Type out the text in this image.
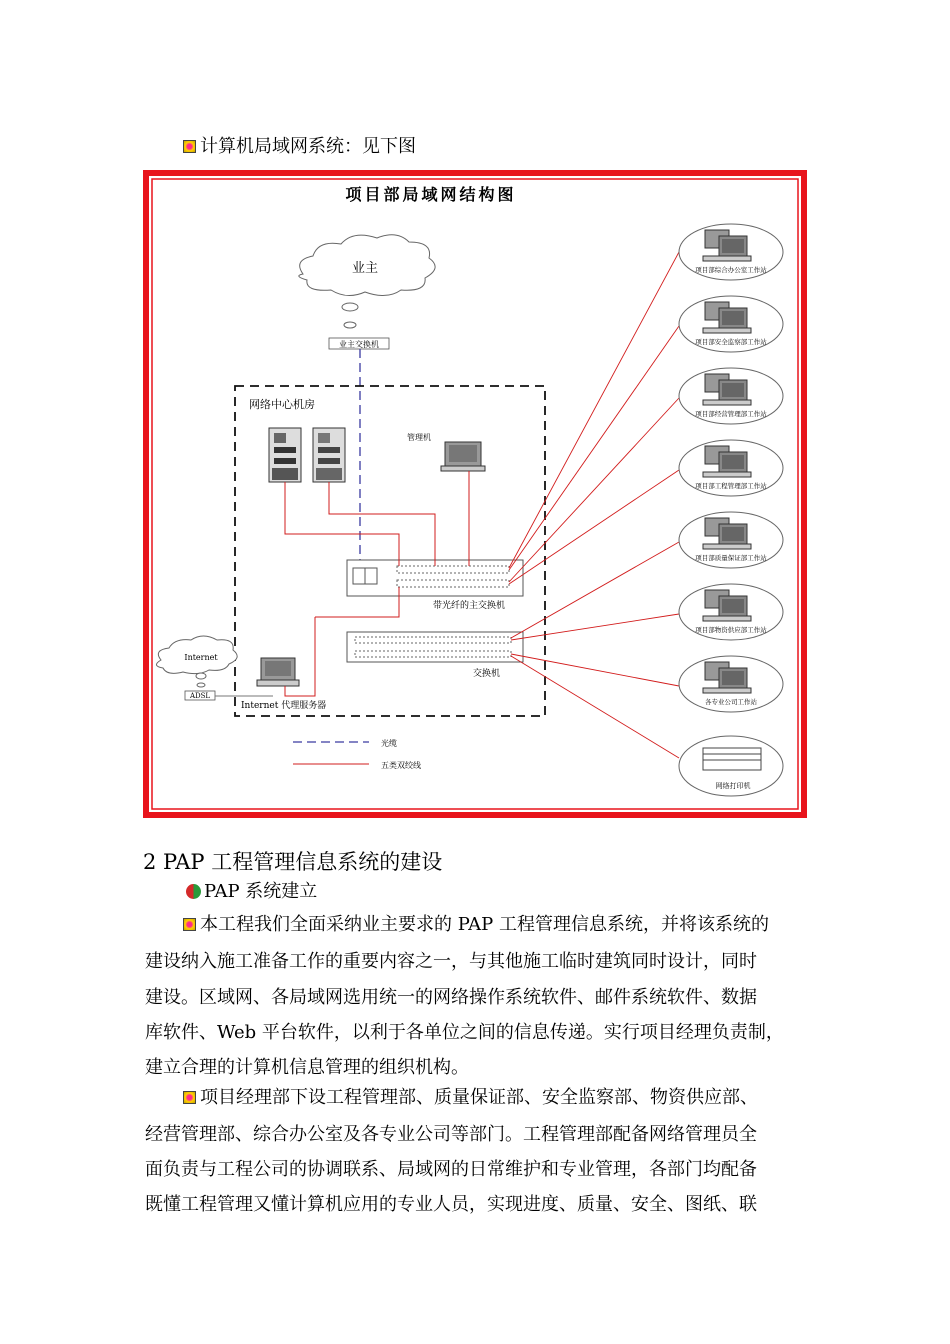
计算机局域网系统：见下图
项目部局域网结构图
业主
业主交换机
网络中心机房
管理机
带光纤的主交换机
交换机
Internet
ADSL
Internet 代理服务器
项目部综合办公室工作站
项目部安全监察部工作站
项目部经营管理部工作站
项目部工程管理部工作站
项目部质量保证部工作站
项目部物资供应部工作站
各专业公司工作站
网络打印机
光缆
五类双绞线
2 PAP 工程管理信息系统的建设
PAP 系统建立
本工程我们全面采纳业主要求的 PAP 工程管理信息系统，并将该系统的
建设纳入施工准备工作的重要内容之一，与其他施工临时建筑同时设计，同时
建设。区域网、各局域网选用统一的网络操作系统软件、邮件系统软件、数据
库软件、Web 平台软件，以利于各单位之间的信息传递。实行项目经理负责制，
建立合理的计算机信息管理的组织机构。
项目经理部下设工程管理部、质量保证部、安全监察部、物资供应部、
经营管理部、综合办公室及各专业公司等部门。工程管理部配备网络管理员全
面负责与工程公司的协调联系、局域网的日常维护和专业管理，各部门均配备
既懂工程管理又懂计算机应用的专业人员，实现进度、质量、安全、图纸、联
